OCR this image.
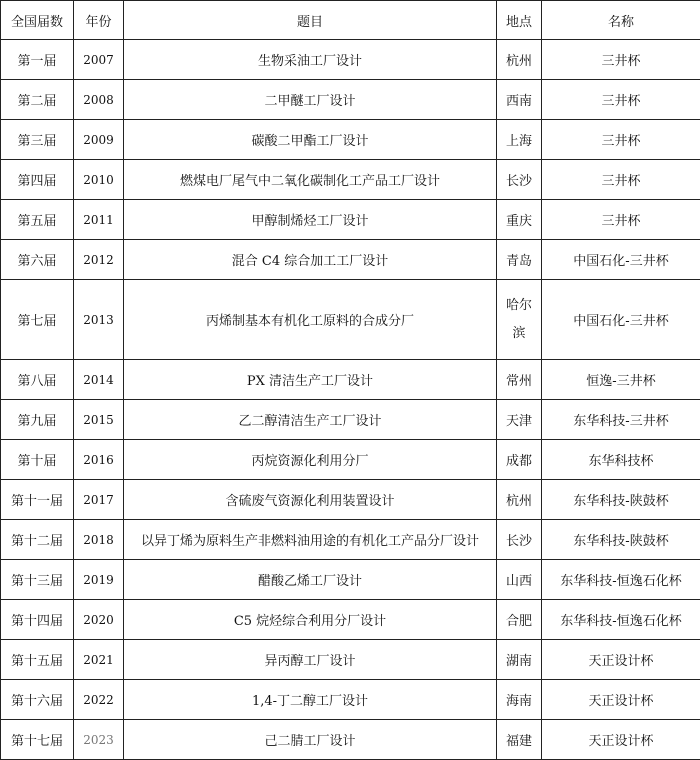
全国届数	年份	题目	地点	名称
第一届	2007	生物采油工厂设计	杭州	三井杯
第二届	2008	二甲醚工厂设计	西南	三井杯
第三届	2009	碳酸二甲酯工厂设计	上海	三井杯
第四届	2010	燃煤电厂尾气中二氧化碳制化工产品工厂设计	长沙	三井杯
第五届	2011	甲醇制烯烃工厂设计	重庆	三井杯
第六届	2012	混合 C4 综合加工工厂设计	青岛	中国石化-三井杯
第七届	2013	丙烯制基本有机化工原料的合成分厂	哈尔滨	中国石化-三井杯
第八届	2014	PX 清洁生产工厂设计	常州	恒逸-三井杯
第九届	2015	乙二醇清洁生产工厂设计	天津	东华科技-三井杯
第十届	2016	丙烷资源化利用分厂	成都	东华科技杯
第十一届	2017	含硫废气资源化利用装置设计	杭州	东华科技-陕鼓杯
第十二届	2018	以异丁烯为原料生产非燃料油用途的有机化工产品分厂设计	长沙	东华科技-陕鼓杯
第十三届	2019	醋酸乙烯工厂设计	山西	东华科技-恒逸石化杯
第十四届	2020	C5 烷烃综合利用分厂设计	合肥	东华科技-恒逸石化杯
第十五届	2021	异丙醇工厂设计	湖南	天正设计杯
第十六届	2022	1,4-丁二醇工厂设计	海南	天正设计杯
第十七届	2023	己二腈工厂设计	福建	天正设计杯
